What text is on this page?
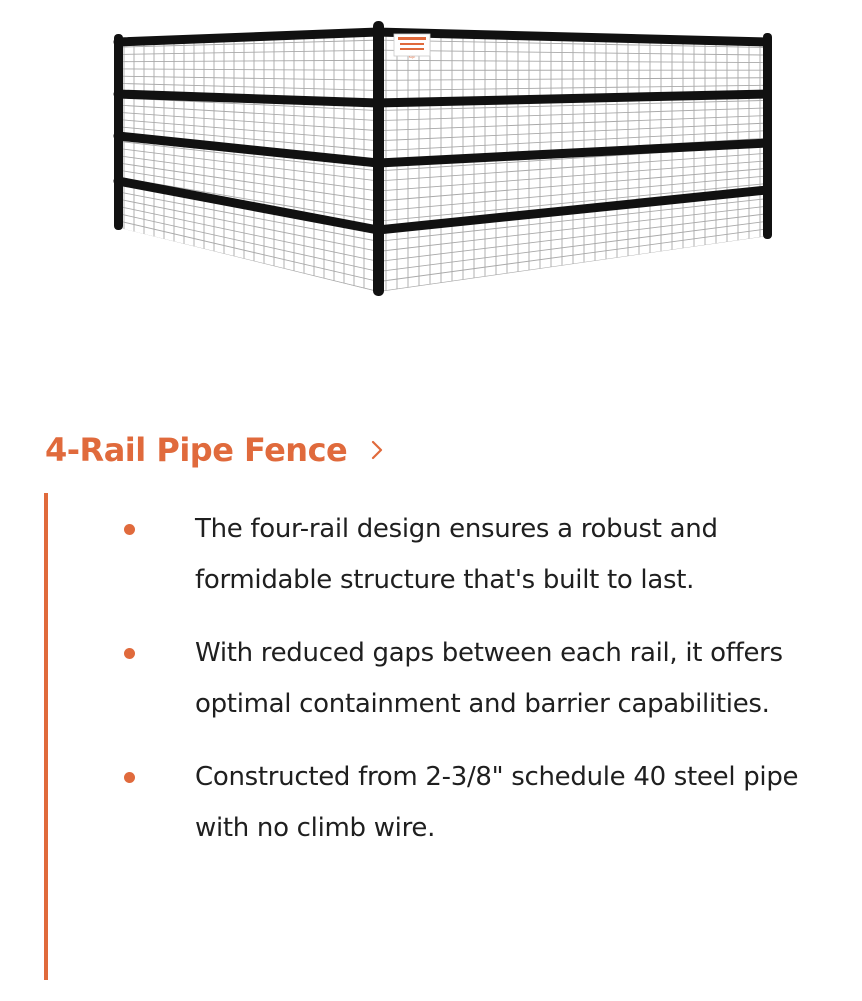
Sign
4-Rail Pipe Fence
The four-rail design ensures a robust and formidable structure that's built to last.
With reduced gaps between each rail, it offers optimal containment and barrier capabilities.
Constructed from 2-3/8" schedule 40 steel pipe with no climb wire.
